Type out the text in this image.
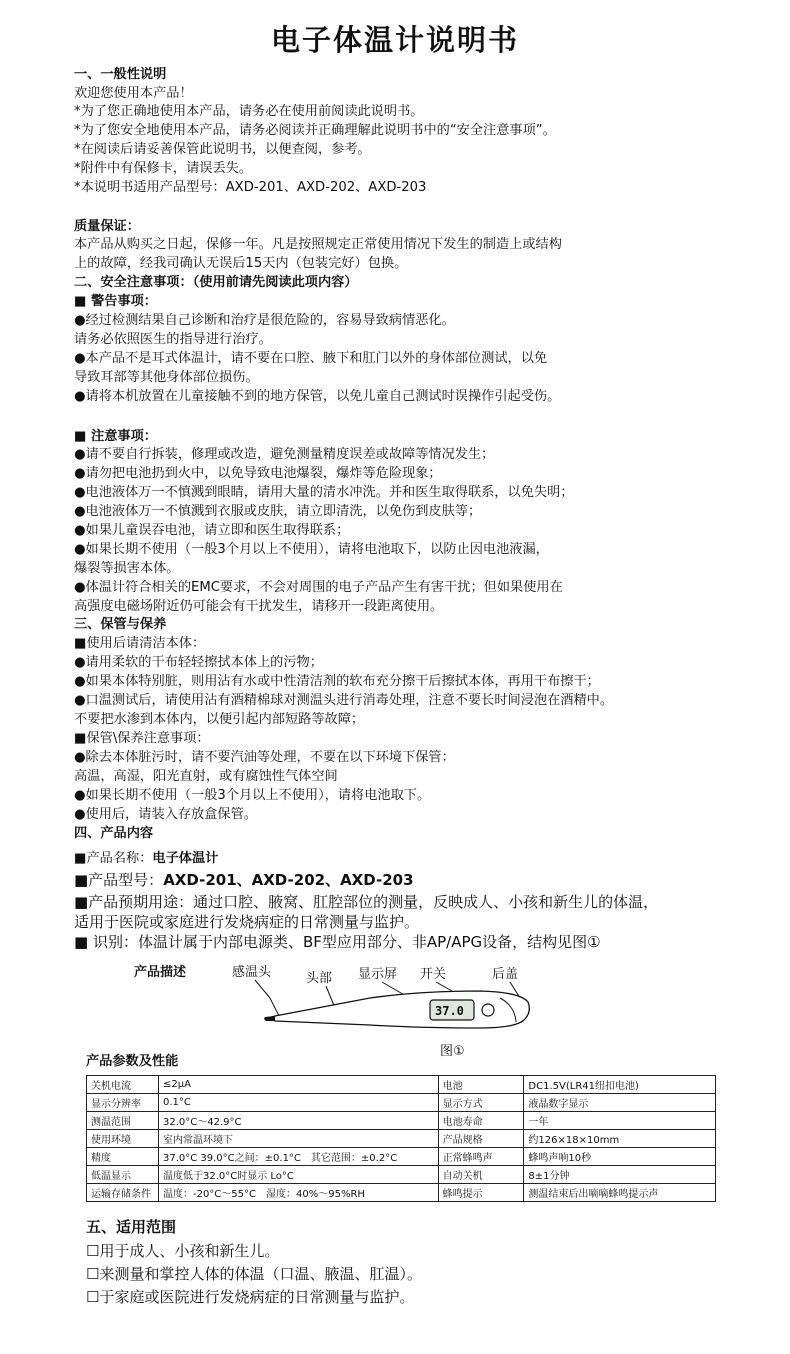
电子体温计说明书
一、一般性说明
欢迎您使用本产品！
*为了您正确地使用本产品，请务必在使用前阅读此说明书。
*为了您安全地使用本产品，请务必阅读并正确理解此说明书中的“安全注意事项”。
*在阅读后请妥善保管此说明书，以便查阅，参考。
*附件中有保修卡，请误丢失。
*本说明书适用产品型号：AXD-201、AXD-202、AXD-203
质量保证：
本产品从购买之日起，保修一年。凡是按照规定正常使用情况下发生的制造上或结构
上的故障，经我司确认无误后15天内（包装完好）包换。
二、安全注意事项：（使用前请先阅读此项内容）
■ 警告事项：
●经过检测结果自己诊断和治疗是很危险的，容易导致病情恶化。
请务必依照医生的指导进行治疗。
●本产品不是耳式体温计，请不要在口腔、腋下和肛门以外的身体部位测试，以免
导致耳部等其他身体部位损伤。
●请将本机放置在儿童接触不到的地方保管，以免儿童自己测试时误操作引起受伤。
■ 注意事项：
●请不要自行拆装，修理或改造，避免测量精度误差或故障等情况发生；
●请勿把电池扔到火中，以免导致电池爆裂，爆炸等危险现象；
●电池液体万一不慎溅到眼睛，请用大量的清水冲洗。并和医生取得联系，以免失明；
●电池液体万一不慎溅到衣服或皮肤，请立即清洗，以免伤到皮肤等；
●如果儿童误吞电池，请立即和医生取得联系；
●如果长期不使用（一般3个月以上不使用），请将电池取下，以防止因电池液漏，
爆裂等损害本体。
●体温计符合相关的EMC要求，不会对周围的电子产品产生有害干扰；但如果使用在
高强度电磁场附近仍可能会有干扰发生，请移开一段距离使用。
三、保管与保养
■使用后请清洁本体：
●请用柔软的干布轻轻擦拭本体上的污物；
●如果本体特别脏，则用沾有水或中性清洁剂的软布充分擦干后擦拭本体，再用干布擦干；
●口温测试后，请使用沾有酒精棉球对测温头进行消毒处理，注意不要长时间浸泡在酒精中。
不要把水渗到本体内，以便引起内部短路等故障；
■保管\保养注意事项：
●除去本体脏污时，请不要汽油等处理，不要在以下环境下保管：
高温，高湿，阳光直射，或有腐蚀性气体空间
●如果长期不使用（一般3个月以上不使用），请将电池取下。
●使用后，请装入存放盒保管。
四、产品内容
■产品名称：电子体温计
■产品型号：AXD-201、AXD-202、AXD-203
■产品预期用途：通过口腔、腋窝、肛腔部位的测量，反映成人、小孩和新生儿的体温，
适用于医院或家庭进行发烧病症的日常测量与监护。
■ 识别：体温计属于内部电源类、BF型应用部分、非AP/APG设备，结构见图①
产品描述	感温头	头部 显示屏 开关	后盖
37.0
图①
产品参数及性能
关机电流	≤2μA	电池	DC1.5V(LR41纽扣电池)
显示分辨率	0.1°C	显示方式	液晶数字显示
测温范围	32.0°C～42.9°C	电池寿命	一年
使用环境	室内常温环境下	产品规格	约126×18×10mm
精度	37.0°C 39.0°C之间：±0.1°C　其它范围：±0.2°C	正常蜂鸣声	蜂鸣声响10秒
低温显示	温度低于32.0°C时显示 Lo°C	自动关机	8±1分钟
运输存储条件	温度：-20°C～55°C　湿度：40%～95%RH	蜂鸣提示	测温结束后出嘀嘀蜂鸣提示声
五、适用范围
☐用于成人、小孩和新生儿。
☐来测量和掌控人体的体温（口温、腋温、肛温）。
☐于家庭或医院进行发烧病症的日常测量与监护。
